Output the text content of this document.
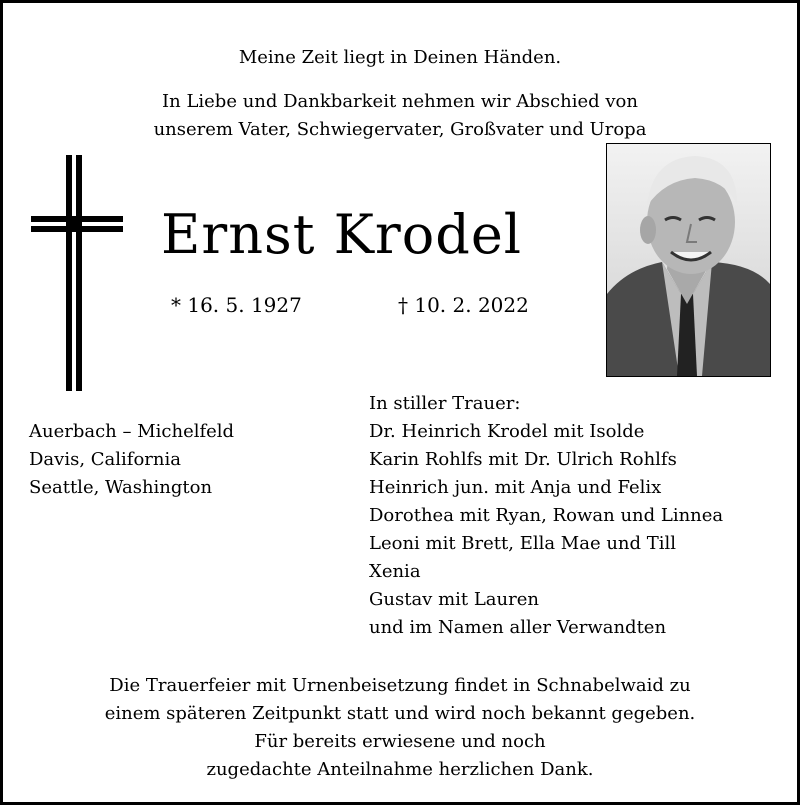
Meine Zeit liegt in Deinen Händen.
In Liebe und Dankbarkeit nehmen wir Abschied von
unserem Vater, Schwiegervater, Großvater und Uropa
Ernst Krodel
* 16. 5. 1927	† 10. 2. 2022
Auerbach – Michelfeld
Davis, California
Seattle, Washington
In stiller Trauer:
Dr. Heinrich Krodel mit Isolde
Karin Rohlfs mit Dr. Ulrich Rohlfs
Heinrich jun. mit Anja und Felix
Dorothea mit Ryan, Rowan und Linnea
Leoni mit Brett, Ella Mae und Till
Xenia
Gustav mit Lauren
und im Namen aller Verwandten
Die Trauerfeier mit Urnenbeisetzung findet in Schnabelwaid zu
einem späteren Zeitpunkt statt und wird noch bekannt gegeben.
Für bereits erwiesene und noch
zugedachte Anteilnahme herzlichen Dank.
